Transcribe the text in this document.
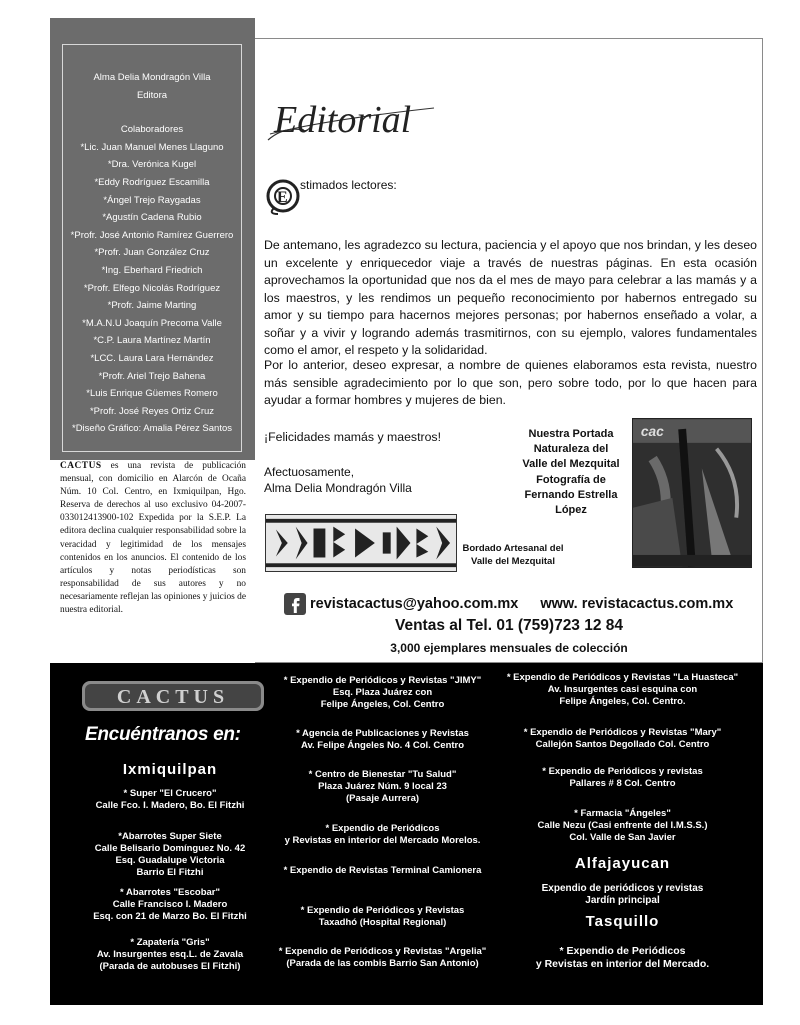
Alma Delia Mondragón Villa
Editora
Colaboradores
*Lic. Juan Manuel Menes Llaguno
*Dra. Verónica Kugel
*Eddy Rodríguez Escamilla
*Ángel Trejo Raygadas
*Agustín Cadena Rubio
*Profr. José Antonio Ramírez Guerrero
*Profr. Juan González Cruz
*Ing. Eberhard Friedrich
*Profr. Elfego Nicolás Rodríguez
*Profr. Jaime Marting
*M.A.N.U Joaquín Precoma Valle
*C.P. Laura Martínez Martín
*LCC. Laura Lara Hernández
*Profr. Ariel Trejo Bahena
*Luis Enrique Güemes Romero
*Profr. José Reyes Ortiz Cruz
*Diseño Gráfico: Amalia Pérez Santos
CACTUS es una revista de publicación mensual, con domicilio en Alarcón de Ocaña Núm. 10 Col. Centro, en Ixmiquilpan, Hgo. Reserva de derechos al uso exclusivo 04-2007-033012413900-102 Expedida por la S.E.P. La editora declina cualquier responsabilidad sobre la veracidad y legitimidad de los mensajes contenidos en los anuncios. El contenido de los artículos y notas periodísticas son responsabilidad de sus autores y no necesariamente reflejan las opiniones y juicios de nuestra editorial.
Editorial
E
stimados lectores:
De antemano, les agradezco su lectura, paciencia y el apoyo que nos brindan, y les deseo un excelente y enriquecedor viaje a través de nuestras páginas. En esta ocasión aprovechamos la oportunidad que nos da el mes de mayo para celebrar a las mamás y a los maestros, y les rendimos un pequeño reconocimiento por habernos entregado su amor y su tiempo para hacernos mejores personas; por habernos enseñado a volar, a soñar y a vivir y logrando además trasmitirnos, con su ejemplo, valores fundamentales como el amor, el respeto y la solidaridad.
Por lo anterior, deseo expresar, a nombre de quienes elaboramos esta revista, nuestro más sensible agradecimiento por lo que son, pero sobre todo, por lo que hacen para ayudar a formar hombres y mujeres de bien.
¡Felicidades mamás y maestros!
Afectuosamente,
Alma Delia Mondragón Villa
Nuestra Portada
Naturaleza del
Valle del Mezquital
Fotografía de
Fernando Estrella López
cac
Bordado Artesanal del
Valle del Mezquital
revistacactus@yahoo.com.mx www. revistacactus.com.mx
Ventas al Tel. 01 (759)723 12 84
3,000 ejemplares mensuales de colección
CACTUS
Encuéntranos en:
Ixmiquilpan
* Super "El Crucero"
Calle Fco. I. Madero, Bo. El Fitzhi
*Abarrotes Super Siete
Calle Belisario Domínguez No. 42
Esq. Guadalupe Victoria
Barrio El Fitzhi
* Abarrotes "Escobar"
Calle Francisco I. Madero
Esq. con 21 de Marzo Bo. El Fitzhi
* Zapatería "Gris"
Av. Insurgentes esq.L. de Zavala
(Parada de autobuses El Fitzhi)
* Expendio de Periódicos y Revistas "JIMY"
Esq. Plaza Juárez con
Felipe Ángeles, Col. Centro
* Agencia de Publicaciones y Revistas
Av. Felipe Ángeles No. 4 Col. Centro
* Centro de Bienestar "Tu Salud"
Plaza Juárez Núm. 9 local 23
(Pasaje Aurrera)
* Expendio de Periódicos
y Revistas en interior del Mercado Morelos.
* Expendio de Revistas Terminal Camionera
* Expendio de Periódicos y Revistas
Taxadhó (Hospital Regional)
* Expendio de Periódicos y Revistas "Argelia"
(Parada de las combis Barrio San Antonio)
* Expendio de Periódicos y Revistas "La Huasteca"
Av. Insurgentes casi esquina con
Felipe Ángeles, Col. Centro.
* Expendio de Periódicos y Revistas "Mary"
Callejón Santos Degollado Col. Centro
* Expendio de Periódicos y revistas
Pallares # 8 Col. Centro
* Farmacia "Ángeles"
Calle Nezu (Casi enfrente del I.M.S.S.)
Col. Valle de San Javier
Alfajayucan
Expendio de periódicos y revistas
Jardín principal
Tasquillo
* Expendio de Periódicos
y Revistas en interior del Mercado.
